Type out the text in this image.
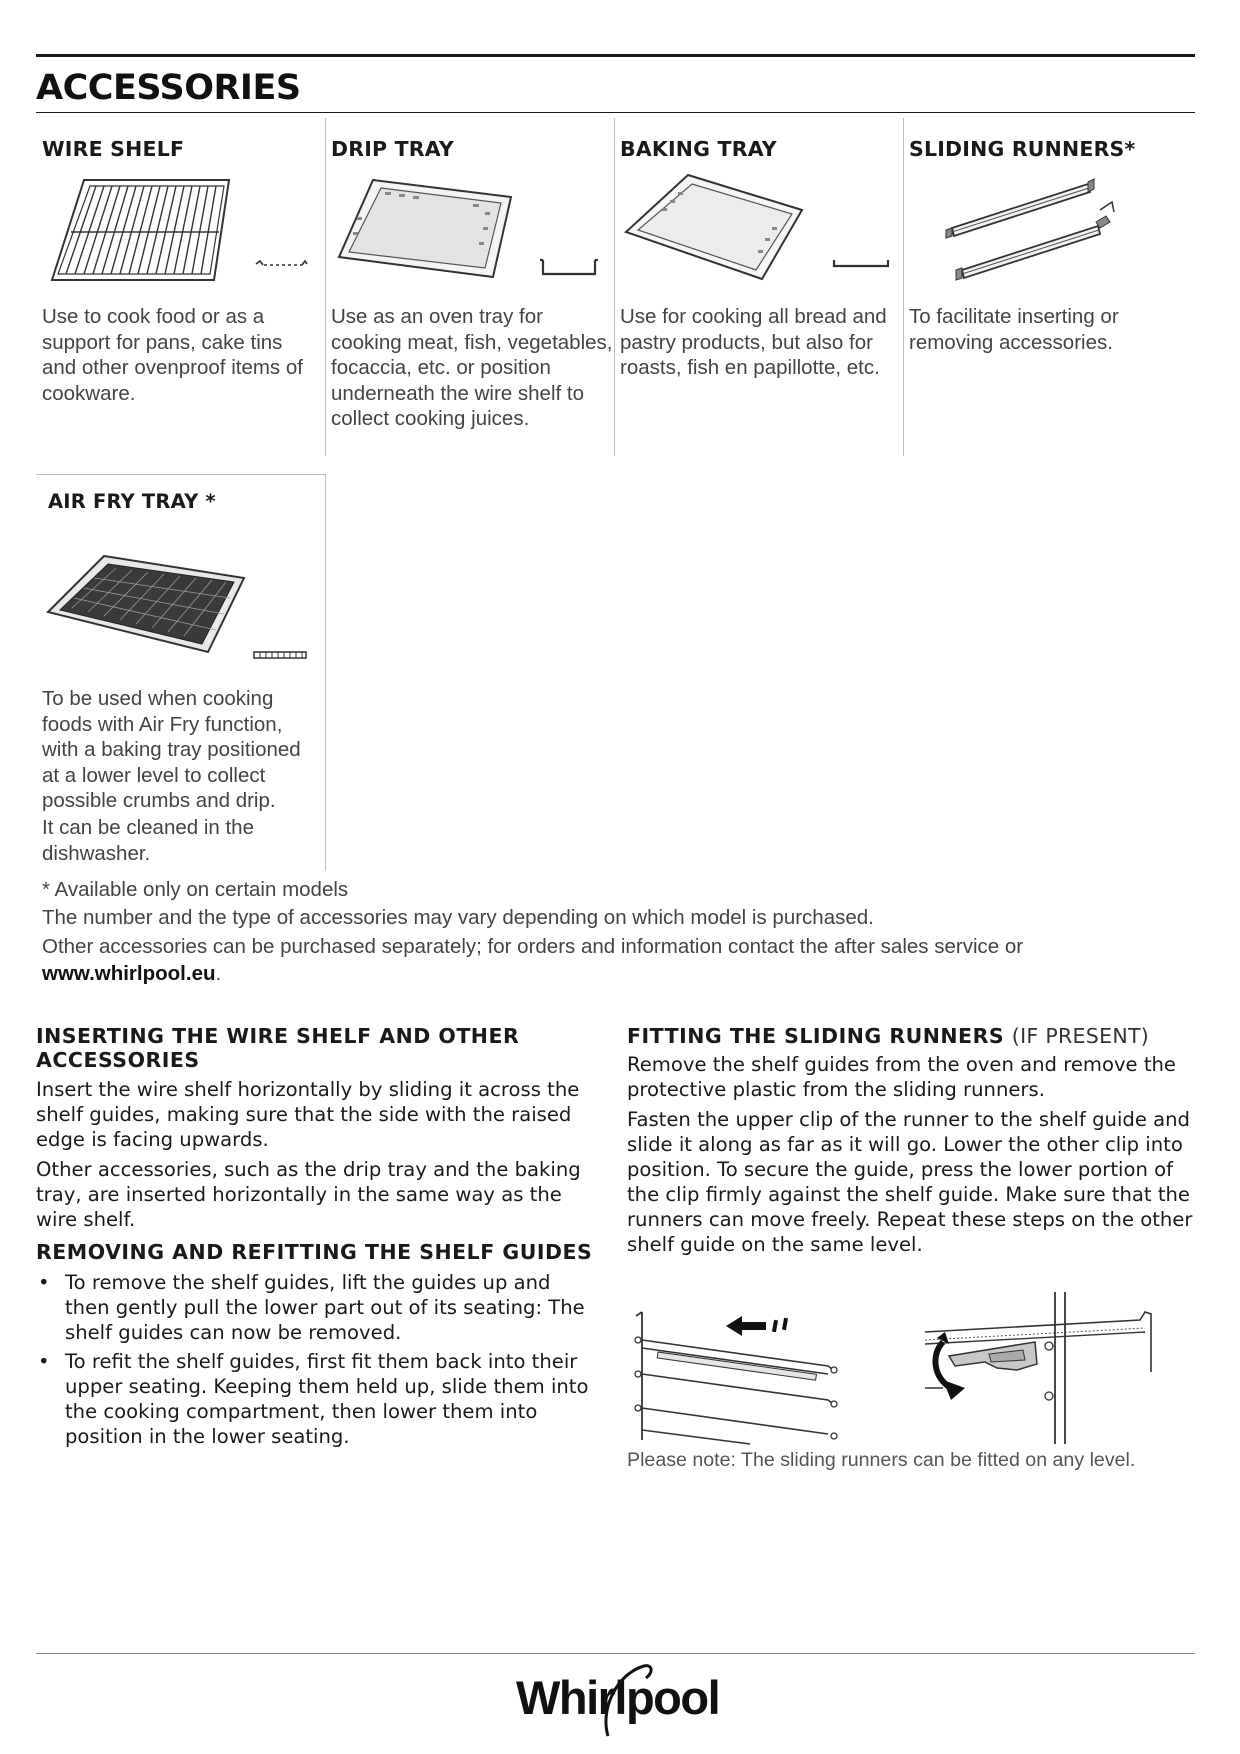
ACCESSORIES
WIRE SHELF
Use to cook food or as a support for pans, cake tins and other ovenproof items of cookware.
DRIP TRAY
Use as an oven tray for cooking meat, fish, vegetables, focaccia, etc. or position underneath the wire shelf to collect cooking juices.
BAKING TRAY
Use for cooking all bread and pastry products, but also for roasts, fish en papillotte, etc.
SLIDING RUNNERS*
To facilitate inserting or removing accessories.
AIR FRY TRAY *
To be used when cooking foods with Air Fry function, with a baking tray positioned at a lower level to collect possible crumbs and drip.
It can be cleaned in the dishwasher.
* Available only on certain models
The number and the type of accessories may vary depending on which model is purchased.
Other accessories can be purchased separately; for orders and information contact the after sales service or
www.whirlpool.eu.
INSERTING THE WIRE SHELF AND OTHER ACCESSORIES

Insert the wire shelf horizontally by sliding it across the shelf guides, making sure that the side with the raised edge is facing upwards.

Other accessories, such as the drip tray and the baking tray, are inserted horizontally in the same way as the wire shelf.

REMOVING AND REFITTING THE SHELF GUIDES
• To remove the shelf guides, lift the guides up and then gently pull the lower part out of its seating: The shelf guides can now be removed.
• To refit the shelf guides, first fit them back into their upper seating. Keeping them held up, slide them into the cooking compartment, then lower them into position in the lower seating.
FITTING THE SLIDING RUNNERS (IF PRESENT)

Remove the shelf guides from the oven and remove the protective plastic from the sliding runners.

Fasten the upper clip of the runner to the shelf guide and slide it along as far as it will go. Lower the other clip into position. To secure the guide, press the lower portion of the clip firmly against the shelf guide. Make sure that the runners can move freely. Repeat these steps on the other shelf guide on the same level.

Please note: The sliding runners can be fitted on any level.
Whirlpool
